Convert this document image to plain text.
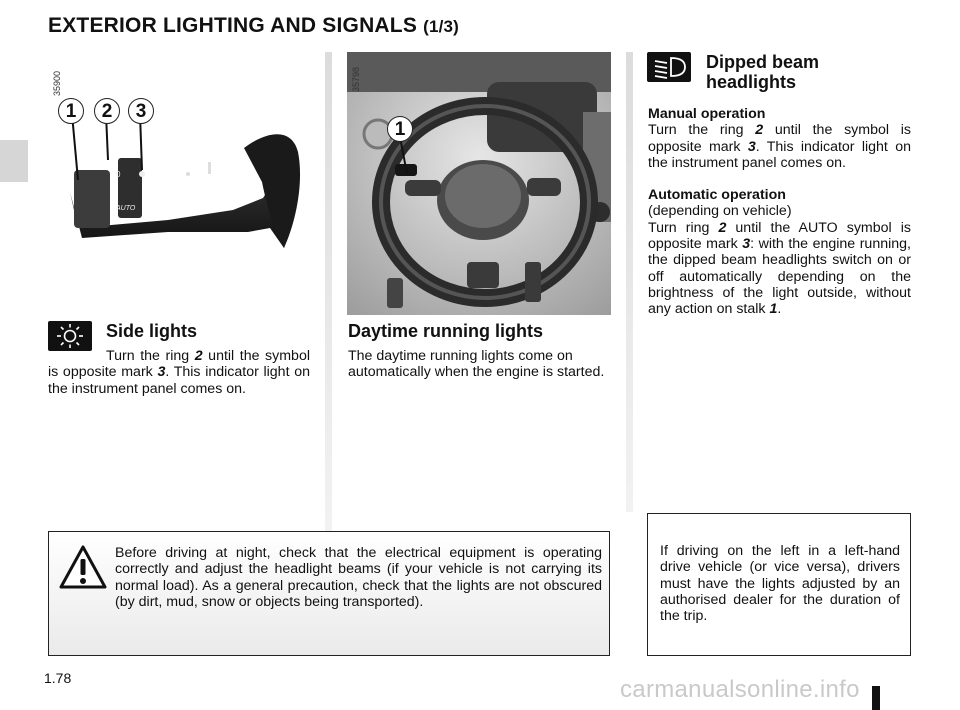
EXTERIOR LIGHTING AND SIGNALS (1/3)
35900
0
AUTO
1	2	3
35798
1
Side lights
Turn the ring 2 until the symbol is opposite mark 3. This indicator light on the instrument panel comes on.
Daytime running lights
The daytime running lights come on automatically when the engine is started.
Dipped beam
headlights
Manual operation
Turn the ring 2 until the symbol is opposite mark 3. This indicator light on the instrument panel comes on.
Automatic operation
(depending on vehicle)
Turn ring 2 until the AUTO symbol is opposite mark 3: with the engine running, the dipped beam headlights switch on or off automatically depending on the brightness of the light outside, without any action on stalk 1.
Before driving at night, check that the electrical equipment is operating correctly and adjust the headlight beams (if your vehicle is not carrying its normal load). As a general precaution, check that the lights are not obscured (by dirt, mud, snow or objects being transported).
If driving on the left in a left-hand drive vehicle (or vice versa), drivers must have the lights adjusted by an authorised dealer for the duration of the trip.
1.78	carmanualsonline.info
